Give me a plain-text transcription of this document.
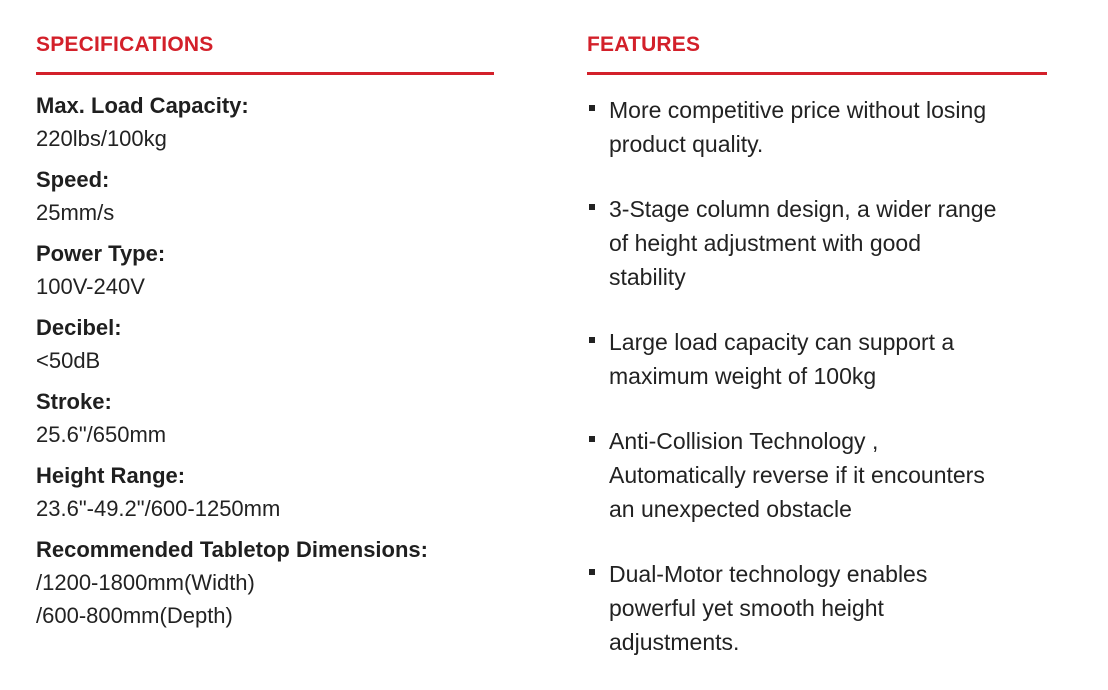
SPECIFICATIONS
Max. Load Capacity:
220lbs/100kg
Speed:
25mm/s
Power Type:
100V-240V
Decibel:
<50dB
Stroke:
25.6"/650mm
Height Range:
23.6"-49.2"/600-1250mm
Recommended Tabletop Dimensions:
/1200-1800mm(Width)
/600-800mm(Depth)
FEATURES
More competitive price without losing
product quality.
3-Stage column design, a wider range
of height adjustment with good
stability
Large load capacity can support a
maximum weight of 100kg
Anti-Collision Technology ,
Automatically reverse if it encounters
an unexpected obstacle
Dual-Motor technology enables
powerful yet smooth height
adjustments.
